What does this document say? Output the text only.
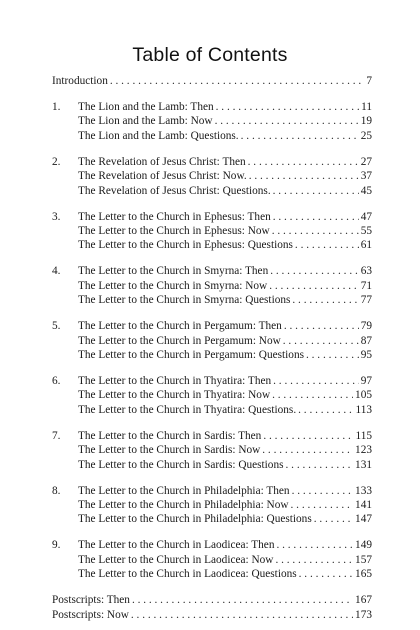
Table of Contents
Introduction . . .	7
1. The Lion and the Lamb: Then . . .	11
The Lion and the Lamb: Now . . .	19
The Lion and the Lamb: Questions. . . .	25
2. The Revelation of Jesus Christ: Then . . .	27
The Revelation of Jesus Christ: Now. . . .	37
The Revelation of Jesus Christ: Questions. . . .	45
3. The Letter to the Church in Ephesus: Then . . .	47
The Letter to the Church in Ephesus: Now . . .	55
The Letter to the Church in Ephesus: Questions . . .	61
4. The Letter to the Church in Smyrna: Then . . .	63
The Letter to the Church in Smyrna: Now . . .	71
The Letter to the Church in Smyrna: Questions . . .	77
5. The Letter to the Church in Pergamum: Then . . .	79
The Letter to the Church in Pergamum: Now . . .	87
The Letter to the Church in Pergamum: Questions . . .	95
6. The Letter to the Church in Thyatira: Then . . .	97
The Letter to the Church in Thyatira: Now . . .	105
The Letter to the Church in Thyatira: Questions. . . .	113
7. The Letter to the Church in Sardis: Then . . .	115
The Letter to the Church in Sardis: Now . . .	123
The Letter to the Church in Sardis: Questions . . .	131
8. The Letter to the Church in Philadelphia: Then . . .	133
The Letter to the Church in Philadelphia: Now . . .	141
The Letter to the Church in Philadelphia: Questions . . .	147
9. The Letter to the Church in Laodicea: Then . . .	149
The Letter to the Church in Laodicea: Now . . .	157
The Letter to the Church in Laodicea: Questions . . .	165
Postscripts: Then . . .	167
Postscripts: Now . . .	173
